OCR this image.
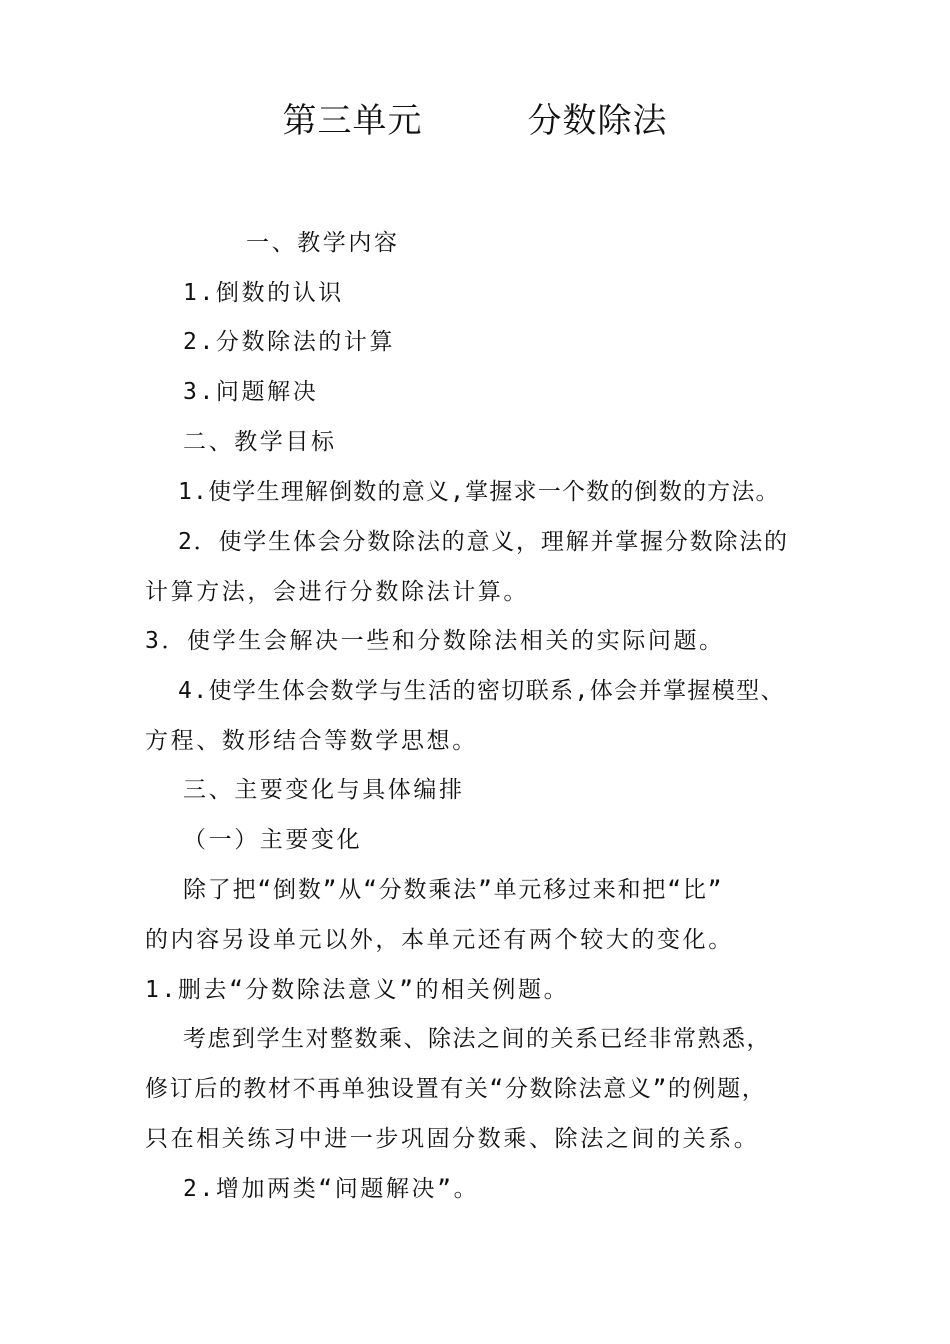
第三单元　　　分数除法
一、教学内容
1.倒数的认识
2.分数除法的计算
3.问题解决
二、教学目标
1.使学生理解倒数的意义,掌握求一个数的倒数的方法。
2．使学生体会分数除法的意义，理解并掌握分数除法的
计算方法，会进行分数除法计算。
3．使学生会解决一些和分数除法相关的实际问题。
4.使学生体会数学与生活的密切联系,体会并掌握模型、
方程、数形结合等数学思想。
三、主要变化与具体编排
（一）主要变化
除了把“倒数”从“分数乘法”单元移过来和把“比”
的内容另设单元以外，本单元还有两个较大的变化。
1.删去“分数除法意义”的相关例题。
考虑到学生对整数乘、除法之间的关系已经非常熟悉，
修订后的教材不再单独设置有关“分数除法意义”的例题，
只在相关练习中进一步巩固分数乘、除法之间的关系。
2.增加两类“问题解决”。
